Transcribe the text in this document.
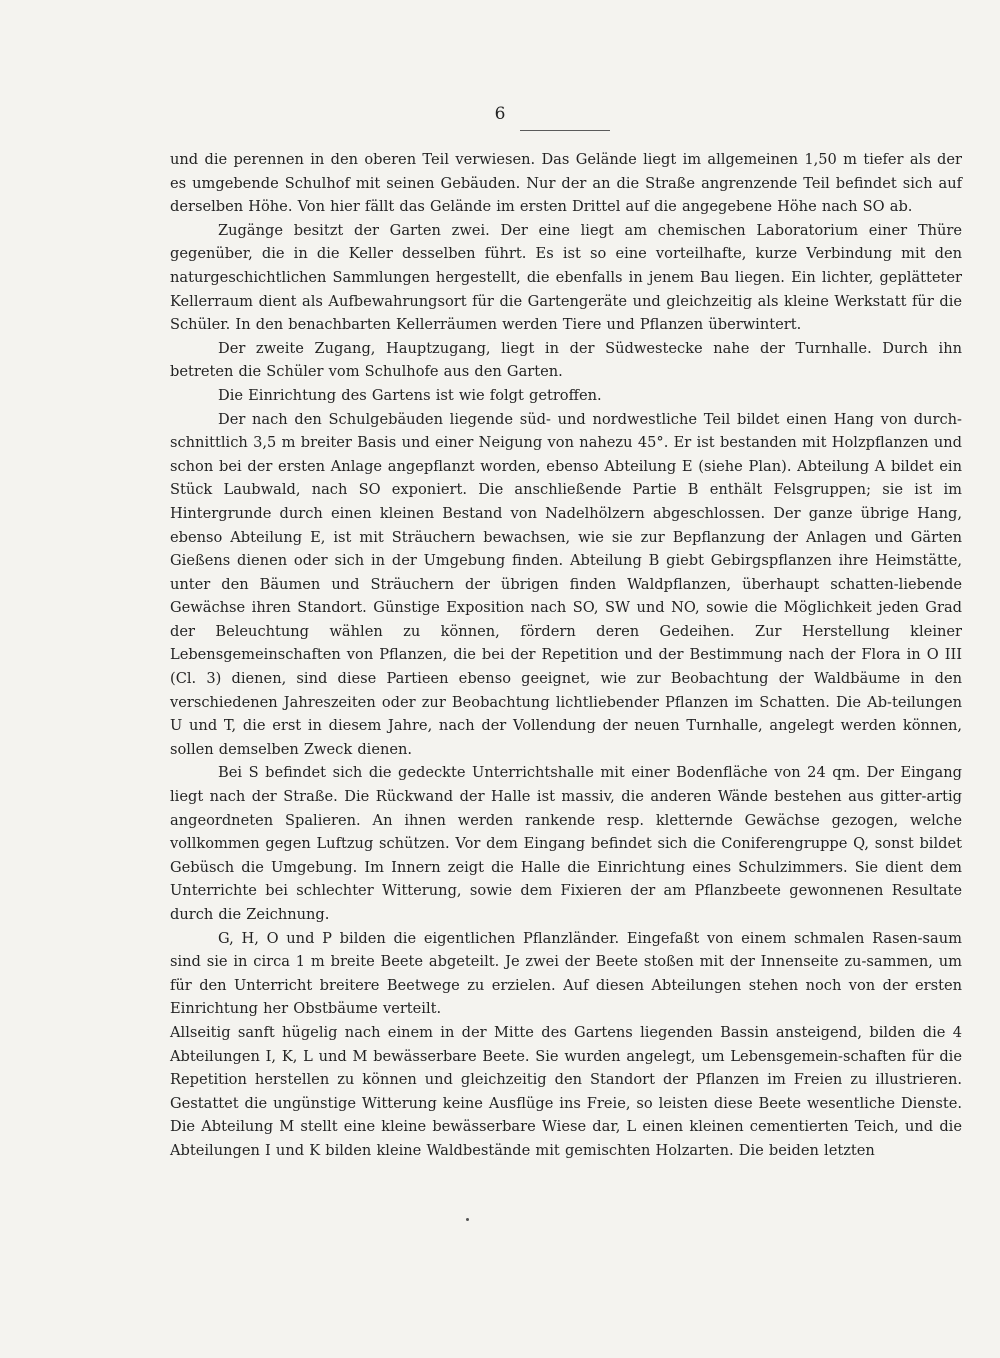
6

und die perennen in den oberen Teil verwiesen. Das Gelände liegt im allgemeinen 1,50 m tiefer als der es umgebende Schulhof mit seinen Gebäuden. Nur der an die Straße angrenzende Teil befindet sich auf derselben Höhe. Von hier fällt das Gelände im ersten Drittel auf die angegebene Höhe nach SO ab.

Zugänge besitzt der Garten zwei. Der eine liegt am chemischen Laboratorium einer Thüre gegenüber, die in die Keller desselben führt. Es ist so eine vorteilhafte, kurze Verbindung mit den naturgeschichtlichen Sammlungen hergestellt, die ebenfalls in jenem Bau liegen. Ein lichter, geplätteter Kellerraum dient als Aufbewahrungsort für die Gartengeräte und gleichzeitig als kleine Werkstatt für die Schüler. In den benachbarten Kellerräumen werden Tiere und Pflanzen überwintert.

Der zweite Zugang, Hauptzugang, liegt in der Südwestecke nahe der Turnhalle. Durch ihn betreten die Schüler vom Schulhofe aus den Garten.

Die Einrichtung des Gartens ist wie folgt getroffen.

Der nach den Schulgebäuden liegende süd- und nordwestliche Teil bildet einen Hang von durch-schnittlich 3,5 m breiter Basis und einer Neigung von nahezu 45°. Er ist bestanden mit Holzpflanzen und schon bei der ersten Anlage angepflanzt worden, ebenso Abteilung E (siehe Plan). Abteilung A bildet ein Stück Laubwald, nach SO exponiert. Die anschließende Partie B enthält Felsgruppen; sie ist im Hintergrunde durch einen kleinen Bestand von Nadelhölzern abgeschlossen. Der ganze übrige Hang, ebenso Abteilung E, ist mit Sträuchern bewachsen, wie sie zur Bepflanzung der Anlagen und Gärten Gießens dienen oder sich in der Umgebung finden. Abteilung B giebt Gebirgspflanzen ihre Heimstätte, unter den Bäumen und Sträuchern der übrigen finden Waldpflanzen, überhaupt schatten-liebende Gewächse ihren Standort. Günstige Exposition nach SO, SW und NO, sowie die Möglichkeit jeden Grad der Beleuchtung wählen zu können, fördern deren Gedeihen. Zur Herstellung kleiner Lebensgemeinschaften von Pflanzen, die bei der Repetition und der Bestimmung nach der Flora in O III (Cl. 3) dienen, sind diese Partieen ebenso geeignet, wie zur Beobachtung der Waldbäume in den verschiedenen Jahreszeiten oder zur Beobachtung lichtliebender Pflanzen im Schatten. Die Ab-teilungen U und T, die erst in diesem Jahre, nach der Vollendung der neuen Turnhalle, angelegt werden können, sollen demselben Zweck dienen.

Bei S befindet sich die gedeckte Unterrichtshalle mit einer Bodenfläche von 24 qm. Der Eingang liegt nach der Straße. Die Rückwand der Halle ist massiv, die anderen Wände bestehen aus gitter-artig angeordneten Spalieren. An ihnen werden rankende resp. kletternde Gewächse gezogen, welche vollkommen gegen Luftzug schützen. Vor dem Eingang befindet sich die Coniferengruppe Q, sonst bildet Gebüsch die Umgebung. Im Innern zeigt die Halle die Einrichtung eines Schulzimmers. Sie dient dem Unterrichte bei schlechter Witterung, sowie dem Fixieren der am Pflanzbeete gewonnenen Resultate durch die Zeichnung.

G, H, O und P bilden die eigentlichen Pflanzländer. Eingefaßt von einem schmalen Rasen-saum sind sie in circa 1 m breite Beete abgeteilt. Je zwei der Beete stoßen mit der Innenseite zu-sammen, um für den Unterricht breitere Beetwege zu erzielen. Auf diesen Abteilungen stehen noch von der ersten Einrichtung her Obstbäume verteilt.

Allseitig sanft hügelig nach einem in der Mitte des Gartens liegenden Bassin ansteigend, bilden die 4 Abteilungen I, K, L und M bewässerbare Beete. Sie wurden angelegt, um Lebensgemein-schaften für die Repetition herstellen zu können und gleichzeitig den Standort der Pflanzen im Freien zu illustrieren. Gestattet die ungünstige Witterung keine Ausflüge ins Freie, so leisten diese Beete wesentliche Dienste. Die Abteilung M stellt eine kleine bewässerbare Wiese dar, L einen kleinen cementierten Teich, und die Abteilungen I und K bilden kleine Waldbestände mit gemischten Holzarten. Die beiden letzten
